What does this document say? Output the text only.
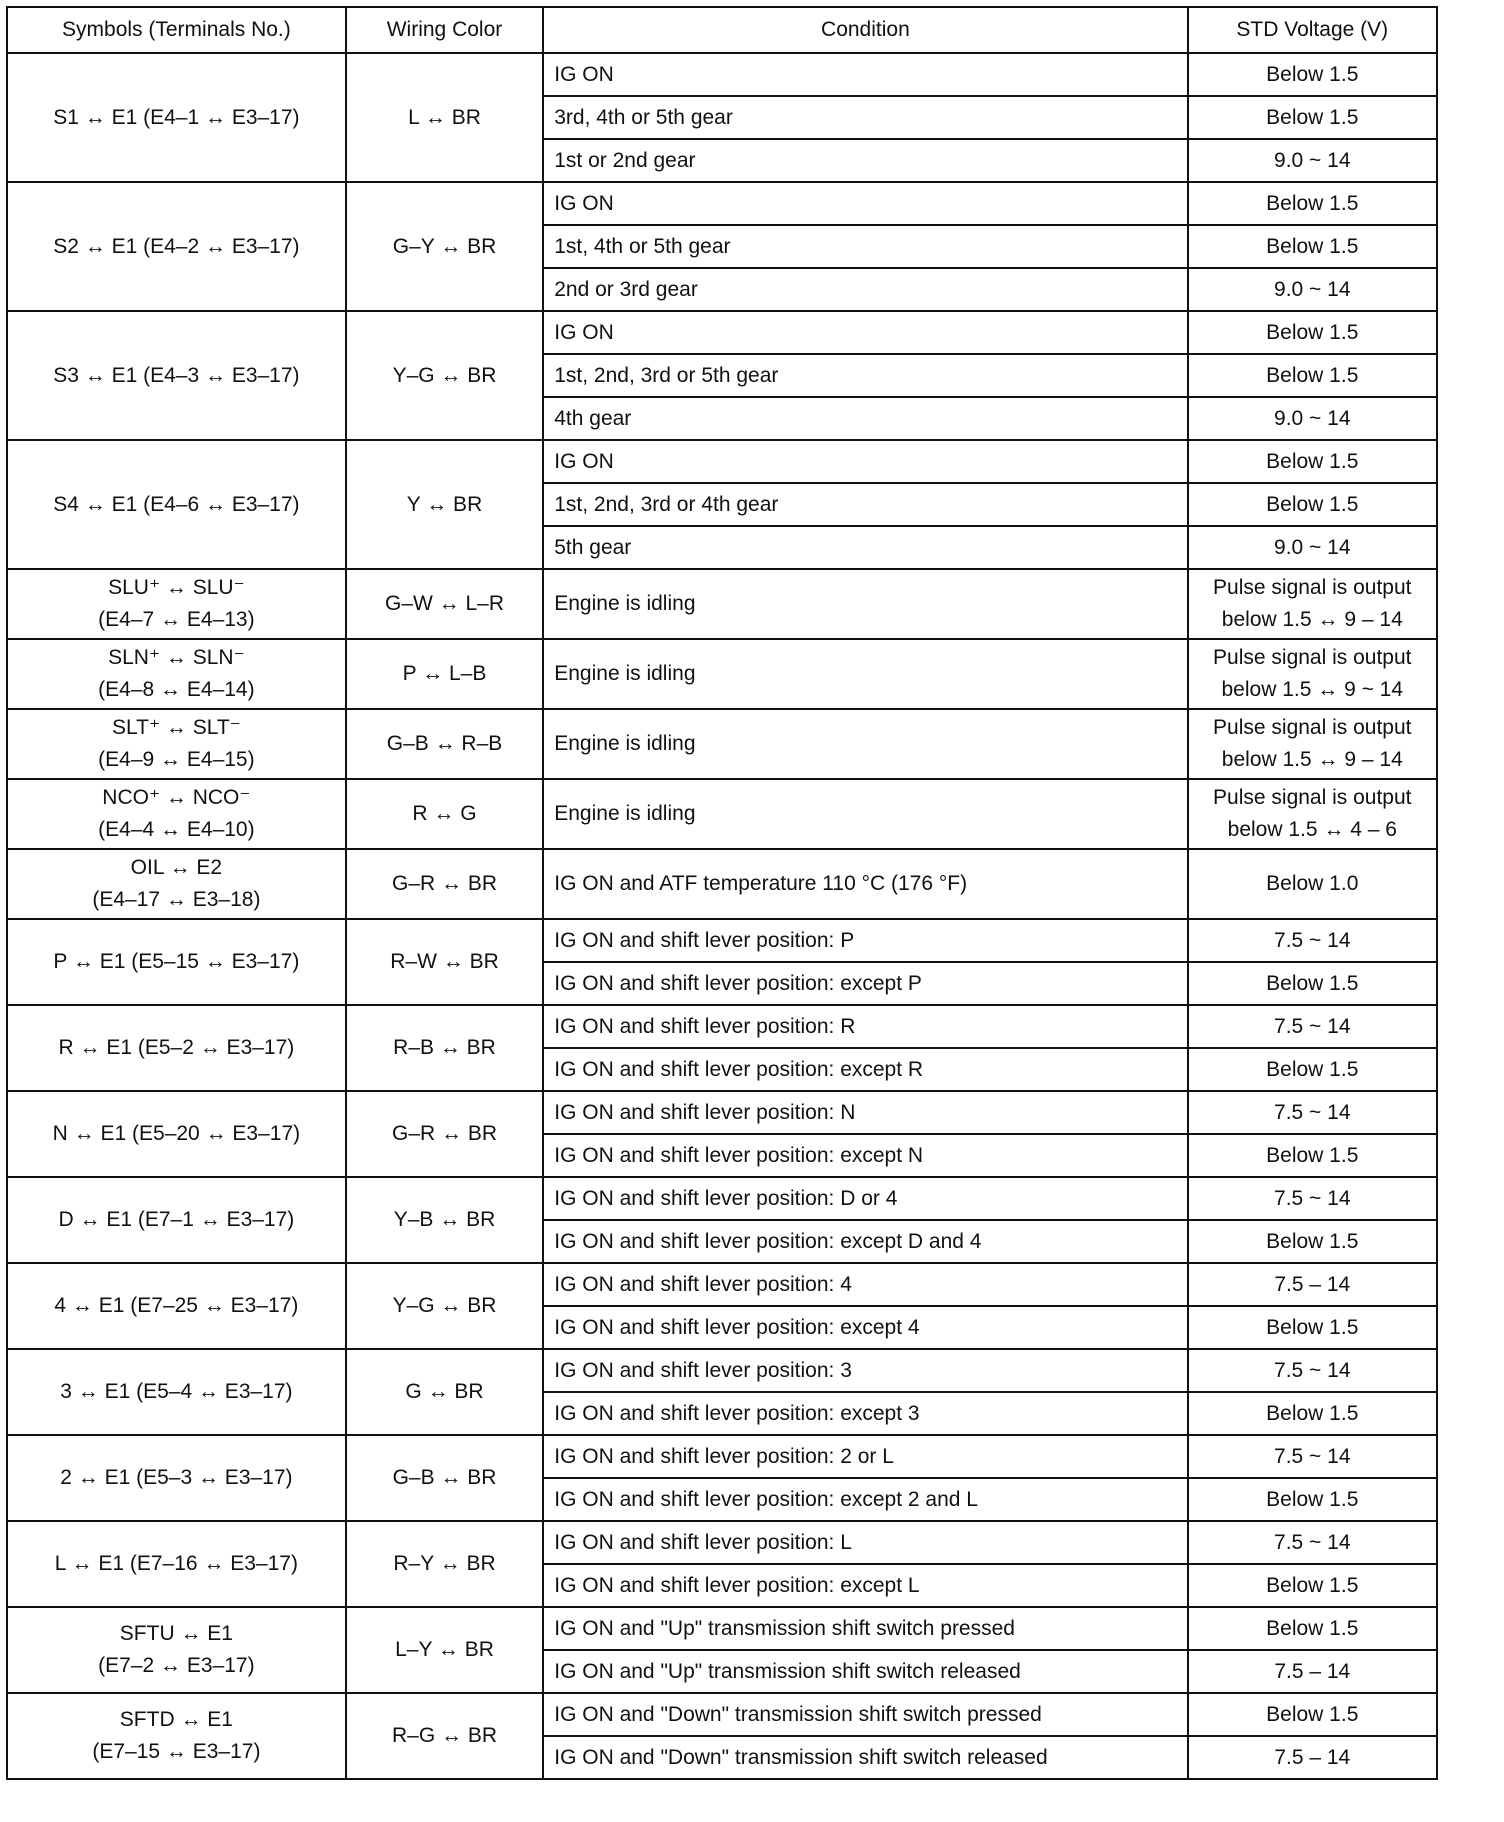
Symbols (Terminals No.)	Wiring Color	Condition	STD Voltage (V)

S1 ↔ E1 (E4–1 ↔ E3–17)	L ↔ BR	IG ON	Below 1.5

		3rd, 4th or 5th gear	Below 1.5

		1st or 2nd gear	9.0 ~ 14

S2 ↔ E1 (E4–2 ↔ E3–17)	G–Y ↔ BR	IG ON	Below 1.5

		1st, 4th or 5th gear	Below 1.5

		2nd or 3rd gear	9.0 ~ 14

S3 ↔ E1 (E4–3 ↔ E3–17)	Y–G ↔ BR	IG ON	Below 1.5

		1st, 2nd, 3rd or 5th gear	Below 1.5

		4th gear	9.0 ~ 14

S4 ↔ E1 (E4–6 ↔ E3–17)	Y ↔ BR	IG ON	Below 1.5

		1st, 2nd, 3rd or 4th gear	Below 1.5

		5th gear	9.0 ~ 14

SLU⁺ ↔ SLU⁻
(E4–7 ↔ E4–13)	G–W ↔ L–R	Engine is idling	Pulse signal is output
below 1.5 ↔ 9 – 14

SLN⁺ ↔ SLN⁻
(E4–8 ↔ E4–14)	P ↔ L–B	Engine is idling	Pulse signal is output
below 1.5 ↔ 9 ~ 14

SLT⁺ ↔ SLT⁻
(E4–9 ↔ E4–15)	G–B ↔ R–B	Engine is idling	Pulse signal is output
below 1.5 ↔ 9 – 14

NCO⁺ ↔ NCO⁻
(E4–4 ↔ E4–10)	R ↔ G	Engine is idling	Pulse signal is output
below 1.5 ↔ 4 – 6

OIL ↔ E2
(E4–17 ↔ E3–18)	G–R ↔ BR	IG ON and ATF temperature 110 °C (176 °F)	Below 1.0

P ↔ E1 (E5–15 ↔ E3–17)	R–W ↔ BR	IG ON and shift lever position: P	7.5 ~ 14

		IG ON and shift lever position: except P	Below 1.5

R ↔ E1 (E5–2 ↔ E3–17)	R–B ↔ BR	IG ON and shift lever position: R	7.5 ~ 14

		IG ON and shift lever position: except R	Below 1.5

N ↔ E1 (E5–20 ↔ E3–17)	G–R ↔ BR	IG ON and shift lever position: N	7.5 ~ 14

		IG ON and shift lever position: except N	Below 1.5

D ↔ E1 (E7–1 ↔ E3–17)	Y–B ↔ BR	IG ON and shift lever position: D or 4	7.5 ~ 14

		IG ON and shift lever position: except D and 4	Below 1.5

4 ↔ E1 (E7–25 ↔ E3–17)	Y–G ↔ BR	IG ON and shift lever position: 4	7.5 – 14

		IG ON and shift lever position: except 4	Below 1.5

3 ↔ E1 (E5–4 ↔ E3–17)	G ↔ BR	IG ON and shift lever position: 3	7.5 ~ 14

		IG ON and shift lever position: except 3	Below 1.5

2 ↔ E1 (E5–3 ↔ E3–17)	G–B ↔ BR	IG ON and shift lever position: 2 or L	7.5 ~ 14

		IG ON and shift lever position: except 2 and L	Below 1.5

L ↔ E1 (E7–16 ↔ E3–17)	R–Y ↔ BR	IG ON and shift lever position: L	7.5 ~ 14

		IG ON and shift lever position: except L	Below 1.5

SFTU ↔ E1
(E7–2 ↔ E3–17)	L–Y ↔ BR	IG ON and "Up" transmission shift switch pressed	Below 1.5

		IG ON and "Up" transmission shift switch released	7.5 – 14

SFTD ↔ E1
(E7–15 ↔ E3–17)	R–G ↔ BR	IG ON and "Down" transmission shift switch pressed	Below 1.5

		IG ON and "Down" transmission shift switch released	7.5 – 14
